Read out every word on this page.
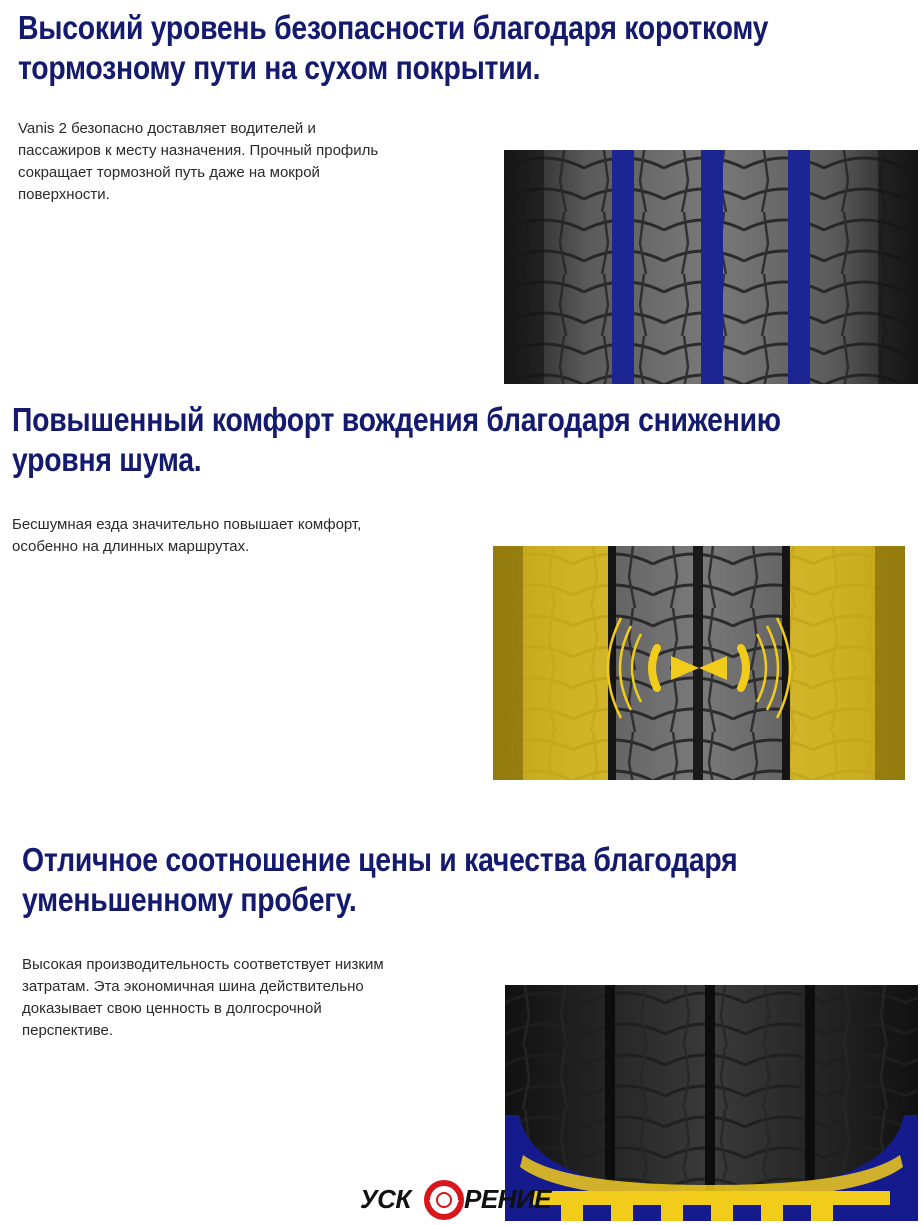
Высокий уровень безопасности благодаря короткому
тормозному пути на сухом покрытии.

Vanis 2 безопасно доставляет водителей и
пассажиров к месту назначения. Прочный профиль
сокращает тормозной путь даже на мокрой
поверхности.

Повышенный комфорт вождения благодаря снижению
уровня шума.

Бесшумная езда значительно повышает комфорт,
особенно на длинных маршрутах.

Отличное соотношение цены и качества благодаря
уменьшенному пробегу.

Высокая производительность соответствует низким
затратам. Эта экономичная шина действительно
доказывает свою ценность в долгосрочной
перспективе.

УСК РЕНИЕ
